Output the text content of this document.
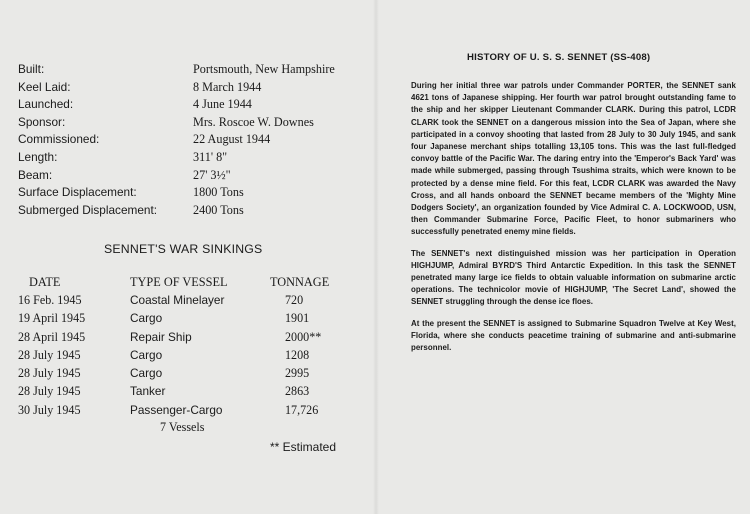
Built:	Portsmouth, New Hampshire
Keel Laid:	8 March 1944
Launched:	4 June 1944
Sponsor:	Mrs. Roscoe W. Downes
Commissioned:	22 August 1944
Length:	311' 8"
Beam:	27' 3½"
Surface Displacement:	1800 Tons
Submerged Displacement:	2400 Tons
SENNET'S WAR SINKINGS
DATE	TYPE OF VESSEL	TONNAGE
16 Feb. 1945	Coastal Minelayer	720
19 April 1945	Cargo	1901
28 April 1945	Repair Ship	2000**
28 July 1945	Cargo	1208
28 July 1945	Cargo	2995
28 July 1945	Tanker	2863
30 July 1945	Passenger-Cargo	17,726
7 Vessels
** Estimated
HISTORY OF U. S. S. SENNET (SS-408)

During her initial three war patrols under Commander PORTER, the SENNET sank 4621 tons of Japanese shipping. Her fourth war patrol brought outstanding fame to the ship and her skipper Lieutenant Commander CLARK. During this patrol, LCDR CLARK took the SENNET on a dangerous mission into the Sea of Japan, where she participated in a convoy shooting that lasted from 28 July to 30 July 1945, and sank four Japanese merchant ships totalling 13,105 tons. This was the last full-fledged convoy battle of the Pacific War. The daring entry into the 'Emperor's Back Yard' was made while submerged, passing through Tsushima straits, which were known to be protected by a dense mine field. For this feat, LCDR CLARK was awarded the Navy Cross, and all hands onboard the SENNET became members of the 'Mighty Mine Dodgers Society', an organization founded by Vice Admiral C. A. LOCKWOOD, USN, then Commander Submarine Force, Pacific Fleet, to honor submariners who successfully penetrated enemy mine fields.

The SENNET's next distinguished mission was her participation in Operation HIGHJUMP, Admiral BYRD'S Third Antarctic Expedition. In this task the SENNET penetrated many large ice fields to obtain valuable information on submarine arctic operations. The technicolor movie of HIGHJUMP, 'The Secret Land', showed the SENNET struggling through the dense ice floes.

At the present the SENNET is assigned to Submarine Squadron Twelve at Key West, Florida, where she conducts peacetime training of submarine and anti-submarine personnel.
